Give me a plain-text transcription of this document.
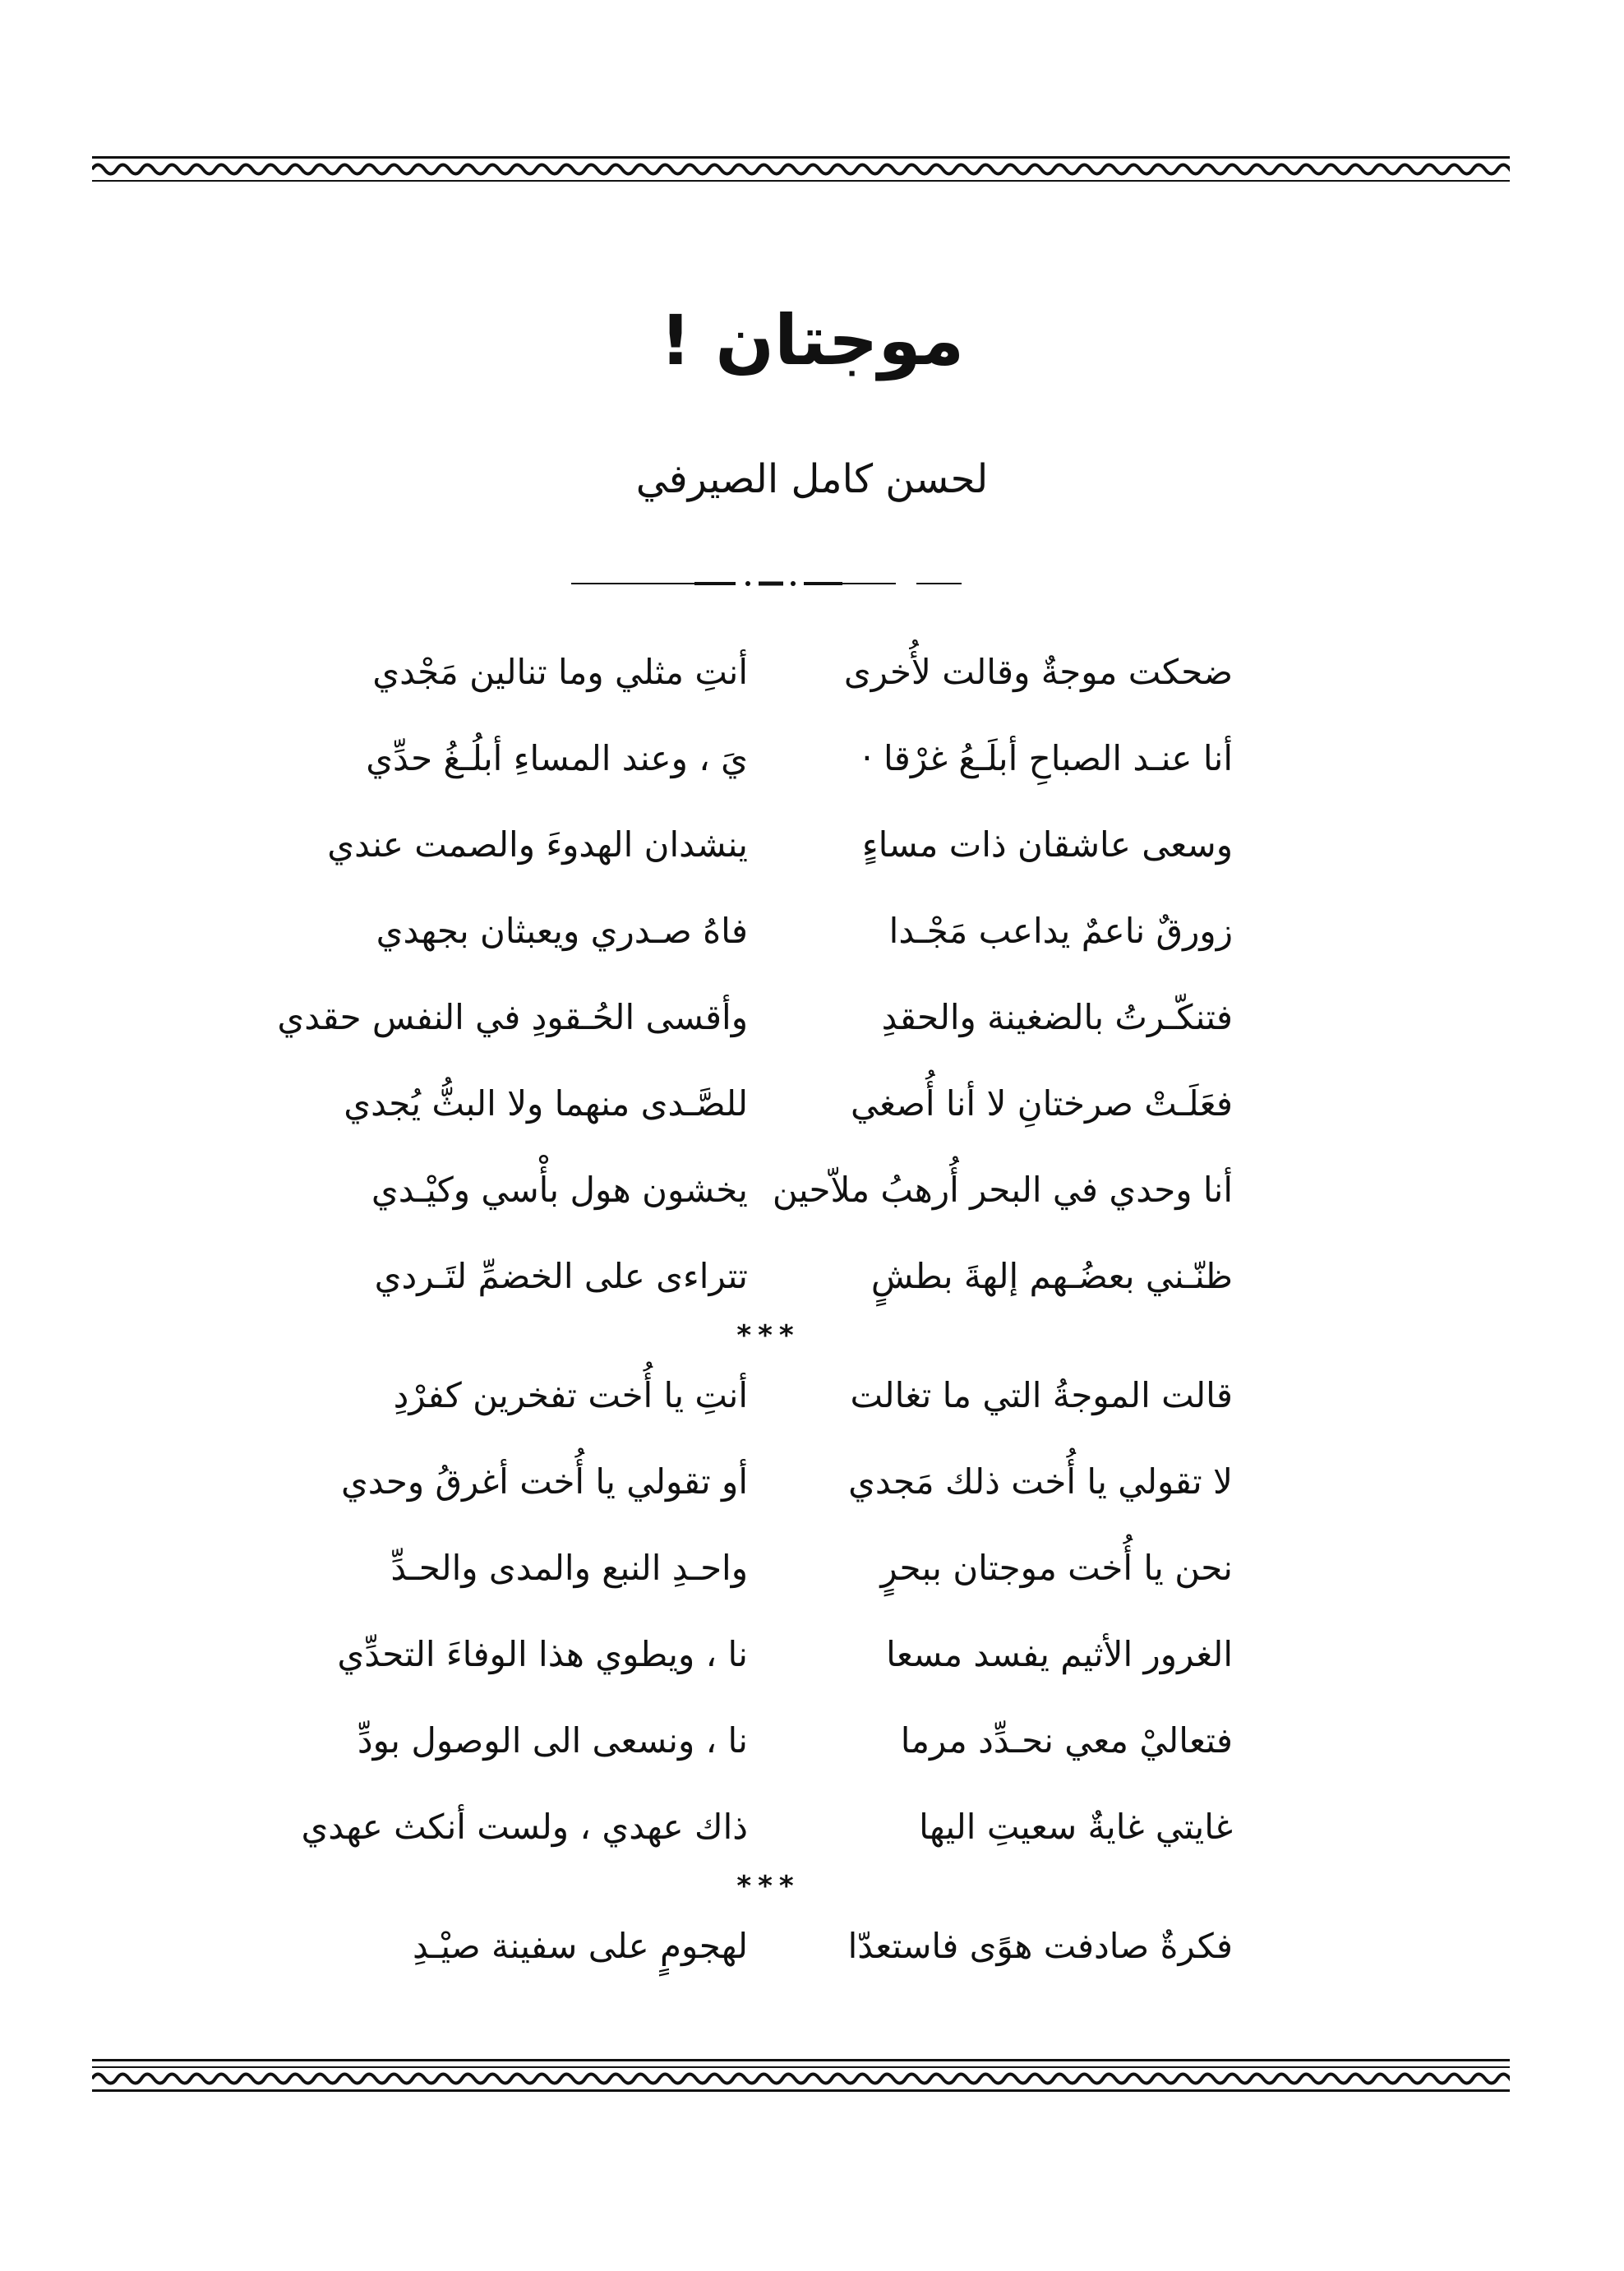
موجتان !
لحسن كامل الصيرفي
ضحكت موجةٌ وقالت لأُخرى
أنتِ مثلي وما تنالين مَجْدي
أنا عنـد الصباحِ أبلَـعُ غرْقا ·
يَ ، وعند المساءِ أبلُـغُ حدِّي
وسعى عاشقان ذات مساءٍ
ينشدان الهدوءَ والصمت عندي
زورقٌ ناعمٌ يداعب مَجْـدا
فاهُ صـدري ويعبثان بجهدي
فتنكّـرتُ بالضغينة والحقدِ
وأقسى الحُـقودِ في النفس حقدي
فعَلَـتْ صرختانِ لا أنا أُصغي
للصَّـدى منهما ولا البثُّ يُجدي
أنا وحدي في البحر أُرهبُ ملاّحين
يخشون هول بأْسي وكيْـدي
ظنّـني بعضُـهم إلهةَ بطشٍ
تتراءى على الخضمِّ لتَـردي
***
قالت الموجةُ التي ما تغالت
أنتِ يا أُخت تفخرين كفرْدِ
لا تقولي يا أُخت ذلك مَجدي
أو تقولي يا أُخت أغرقُ وحدي
نحن يا أُخت موجتان ببحرٍ
واحـدِ النبع والمدى والحـدِّ
الغرور الأثيم يفسد مسعا
نا ، ويطوي هذا الوفاءَ التحدِّي
فتعاليْ معي نحـدِّد مرما
نا ، ونسعى الى الوصول بودِّ
غايتي غايةٌ سعيتِ اليها
ذاك عهدي ، ولست أنكث عهدي
***
فكرةٌ صادفت هوًى فاستعدّا
لهجومٍ على سفينة صيْـدِ
